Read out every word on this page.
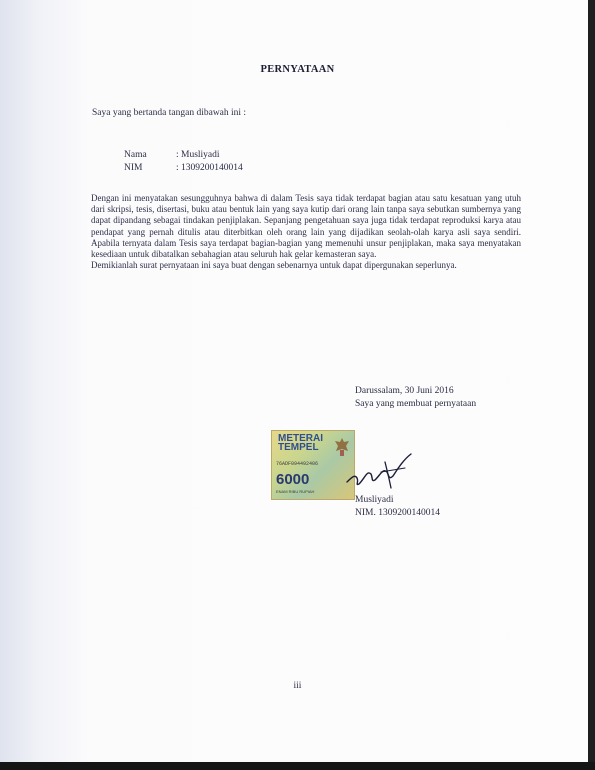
PERNYATAAN
Saya yang bertanda tangan dibawah ini :
Nama	: Musliyadi
NIM	: 1309200140014

Dengan ini menyatakan sesungguhnya bahwa di dalam Tesis saya tidak terdapat bagian atau satu kesatuan yang utuh dari skripsi, tesis, disertasi, buku atau bentuk lain yang saya kutip dari orang lain tanpa saya sebutkan sumbernya yang dapat dipandang sebagai tindakan penjiplakan. Sepanjang pengetahuan saya juga tidak terdapat reproduksi karya atau pendapat yang pernah ditulis atau diterbitkan oleh orang lain yang dijadikan seolah-olah karya asli saya sendiri. Apabila ternyata dalam Tesis saya terdapat bagian-bagian yang memenuhi unsur penjiplakan, maka saya menyatakan kesediaan untuk dibatalkan sebahagian atau seluruh hak gelar kemasteran saya.

Demikianlah surat pernyataan ini saya buat dengan sebenarnya untuk dapat dipergunakan seperlunya.

Darussalam, 30 Juni 2016
Saya yang membuat pernyataan
METERAI
TEMPEL
76ADF094492406
6000
ENAM RIBU RUPIAH
Musliyadi
NIM. 1309200140014
iii
